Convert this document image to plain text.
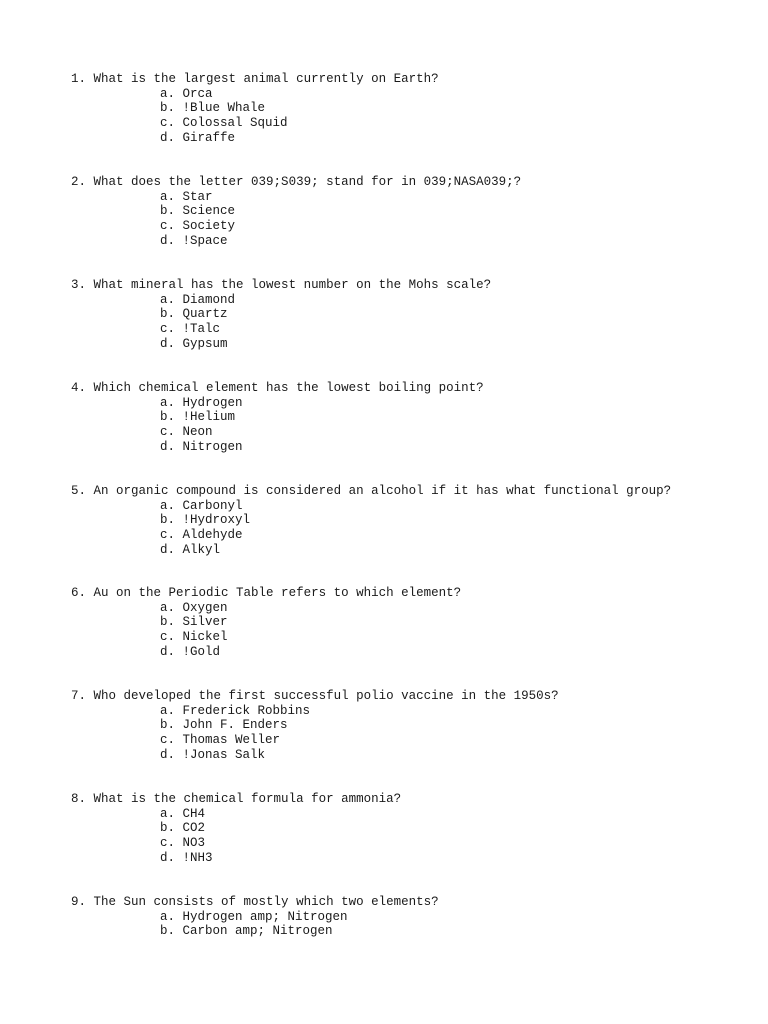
1. What is the largest animal currently on Earth?
a. Orca
b. !Blue Whale
c. Colossal Squid
d. Giraffe
2. What does the letter 039;S039; stand for in 039;NASA039;?
a. Star
b. Science
c. Society
d. !Space
3. What mineral has the lowest number on the Mohs scale?
a. Diamond
b. Quartz
c. !Talc
d. Gypsum
4. Which chemical element has the lowest boiling point?
a. Hydrogen
b. !Helium
c. Neon
d. Nitrogen
5. An organic compound is considered an alcohol if it has what functional group?
a. Carbonyl
b. !Hydroxyl
c. Aldehyde
d. Alkyl
6. Au on the Periodic Table refers to which element?
a. Oxygen
b. Silver
c. Nickel
d. !Gold
7. Who developed the first successful polio vaccine in the 1950s?
a. Frederick Robbins
b. John F. Enders
c. Thomas Weller
d. !Jonas Salk
8. What is the chemical formula for ammonia?
a. CH4
b. CO2
c. NO3
d. !NH3
9. The Sun consists of mostly which two elements?
a. Hydrogen amp; Nitrogen
b. Carbon amp; Nitrogen
